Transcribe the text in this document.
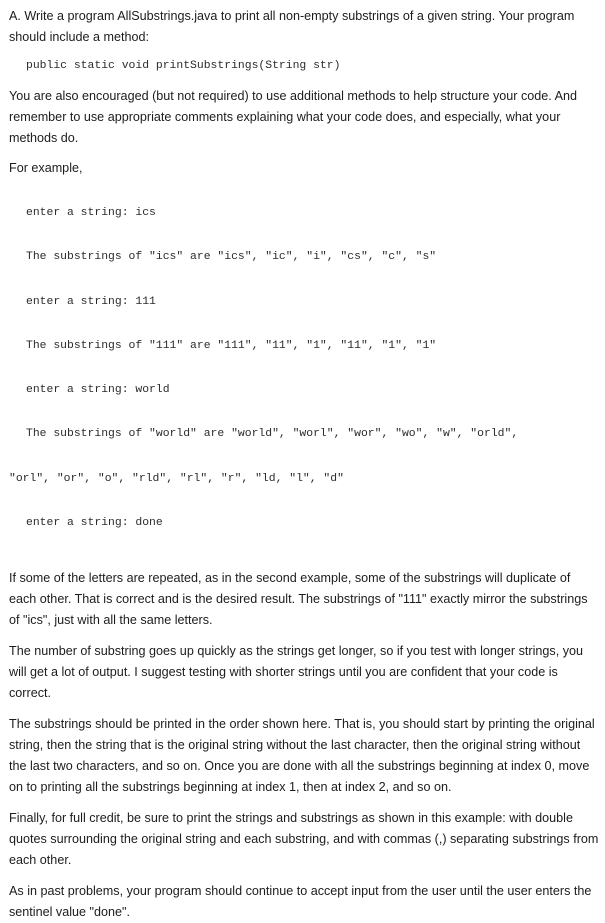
A. Write a program AllSubstrings.java to print all non-empty substrings of a given string. Your program should include a method:

public static void printSubstrings(String str)

You are also encouraged (but not required) to use additional methods to help structure your code. And remember to use appropriate comments explaining what your code does, and especially, what your methods do.

For example,

enter a string: ics

The substrings of "ics" are "ics", "ic", "i", "cs", "c", "s"

enter a string: 111

The substrings of "111" are "111", "11", "1", "11", "1", "1"

enter a string: world

The substrings of "world" are "world", "worl", "wor", "wo", "w", "orld",

"orl", "or", "o", "rld", "rl", "r", "ld, "l", "d"

enter a string: done

If some of the letters are repeated, as in the second example, some of the substrings will duplicate of each other. That is correct and is the desired result. The substrings of "111" exactly mirror the substrings of "ics", just with all the same letters.

The number of substring goes up quickly as the strings get longer, so if you test with longer strings, you will get a lot of output. I suggest testing with shorter strings until you are confident that your code is correct.

The substrings should be printed in the order shown here. That is, you should start by printing the original string, then the string that is the original string without the last character, then the original string without the last two characters, and so on. Once you are done with all the substrings beginning at index 0, move on to printing all the substrings beginning at index 1, then at index 2, and so on.

Finally, for full credit, be sure to print the strings and substrings as shown in this example: with double quotes surrounding the original string and each substring, and with commas (,) separating substrings from each other.

As in past problems, your program should continue to accept input from the user until the user enters the sentinel value "done".
